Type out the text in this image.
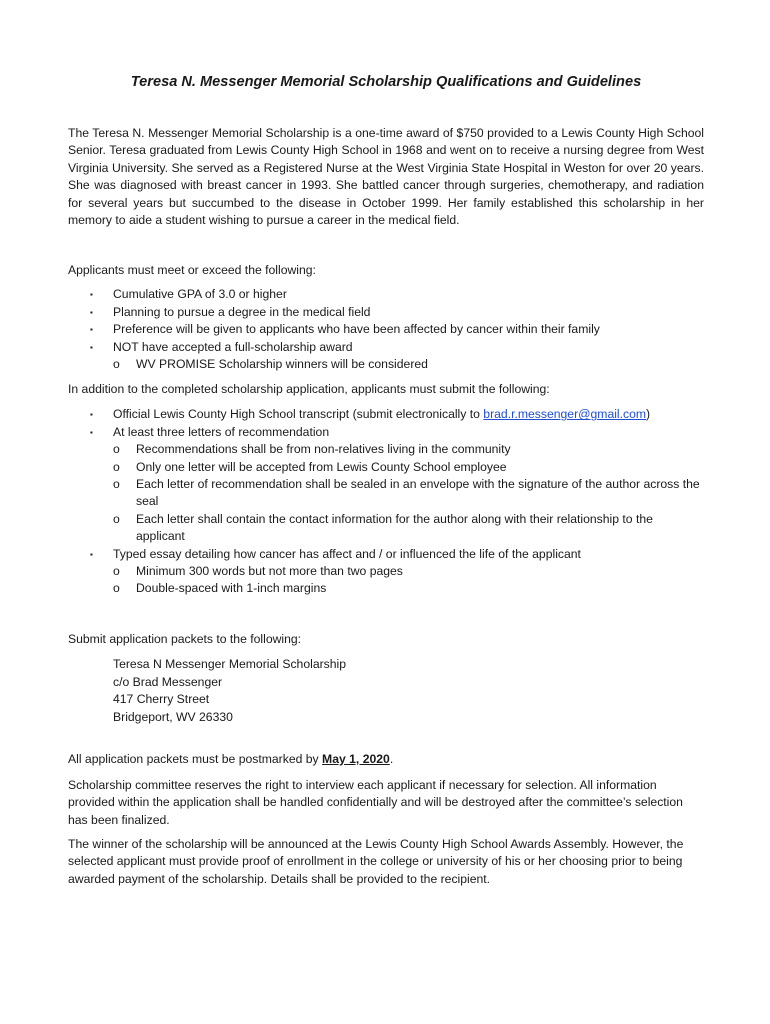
Teresa N. Messenger Memorial Scholarship Qualifications and Guidelines

The Teresa N. Messenger Memorial Scholarship is a one-time award of $750 provided to a Lewis County High School Senior. Teresa graduated from Lewis County High School in 1968 and went on to receive a nursing degree from West Virginia University. She served as a Registered Nurse at the West Virginia State Hospital in Weston for over 20 years. She was diagnosed with breast cancer in 1993. She battled cancer through surgeries, chemotherapy, and radiation for several years but succumbed to the disease in October 1999. Her family established this scholarship in her memory to aide a student wishing to pursue a career in the medical field.

Applicants must meet or exceed the following:

▪ Cumulative GPA of 3.0 or higher
▪ Planning to pursue a degree in the medical field
▪ Preference will be given to applicants who have been affected by cancer within their family
▪ NOT have accepted a full-scholarship award
o WV PROMISE Scholarship winners will be considered

In addition to the completed scholarship application, applicants must submit the following:

▪ Official Lewis County High School transcript (submit electronically to brad.r.messenger@gmail.com)
▪ At least three letters of recommendation
o Recommendations shall be from non-relatives living in the community
o Only one letter will be accepted from Lewis County School employee
o Each letter of recommendation shall be sealed in an envelope with the signature of the author across the seal
o Each letter shall contain the contact information for the author along with their relationship to the applicant
▪ Typed essay detailing how cancer has affect and / or influenced the life of the applicant
o Minimum 300 words but not more than two pages
o Double-spaced with 1-inch margins

Submit application packets to the following:

Teresa N Messenger Memorial Scholarship

c/o Brad Messenger

417 Cherry Street

Bridgeport, WV 26330

All application packets must be postmarked by May 1, 2020.

Scholarship committee reserves the right to interview each applicant if necessary for selection. All information provided within the application shall be handled confidentially and will be destroyed after the committee’s selection has been finalized.

The winner of the scholarship will be announced at the Lewis County High School Awards Assembly. However, the selected applicant must provide proof of enrollment in the college or university of his or her choosing prior to being awarded payment of the scholarship. Details shall be provided to the recipient.
